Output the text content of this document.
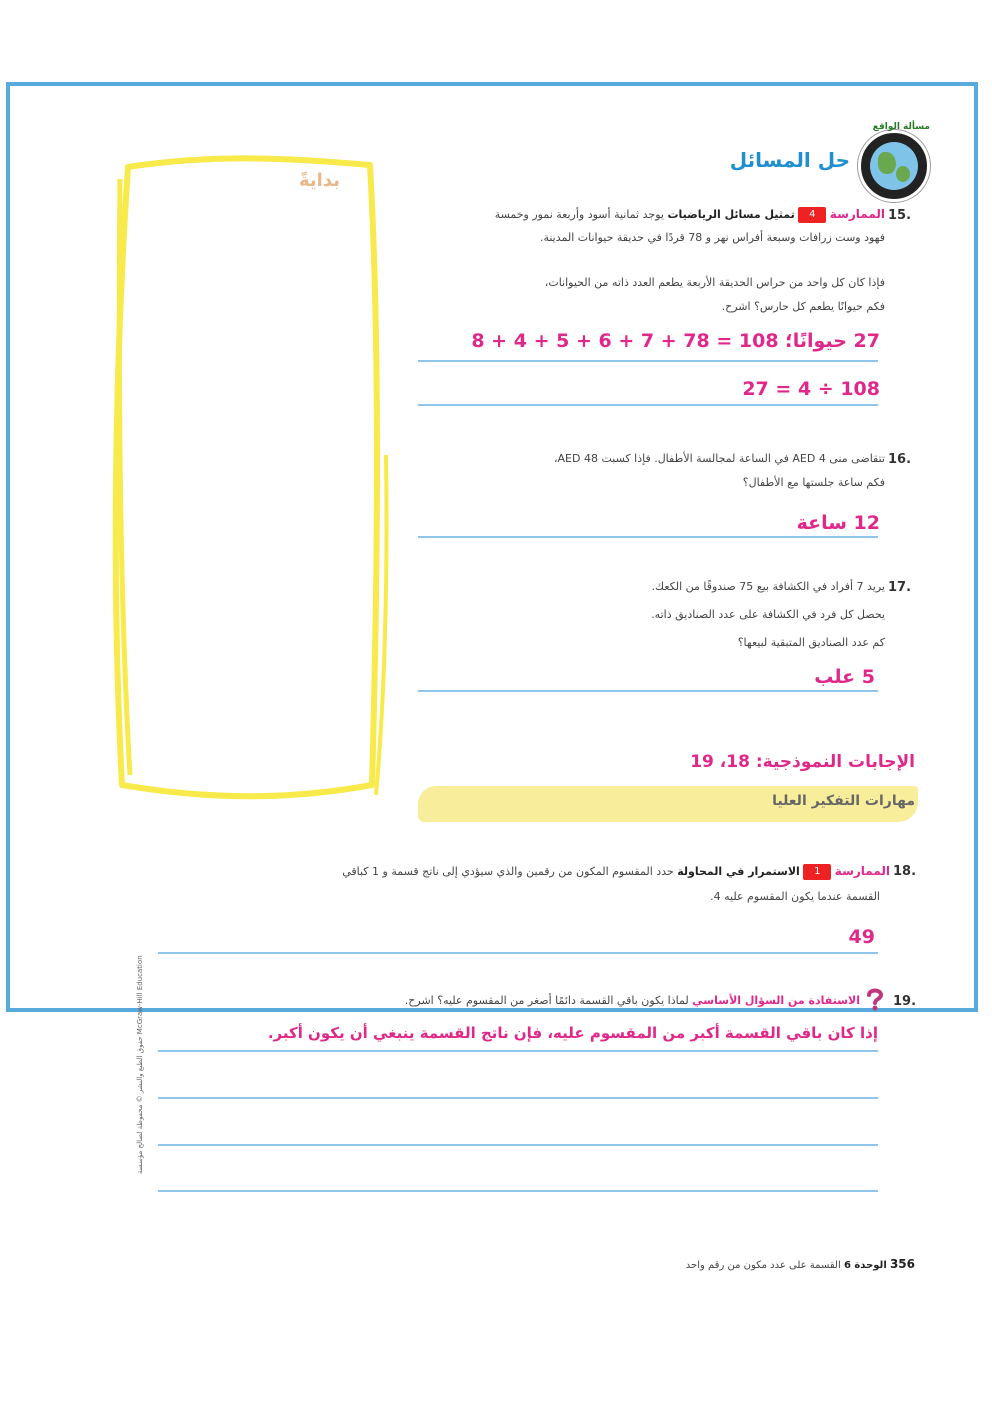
بدايةً
مسألة الواقع
حل المسائل
15.
الممارسة 4 تمثيل مسائل الرياضيات يوجد ثمانية أسود وأربعة نمور وخمسة
فهود وست زرافات وسبعة أفراس نهر و 78 قردًا في حديقة حيوانات المدينة.
فإذا كان كل واحد من حراس الحديقة الأربعة يطعم العدد ذاته من الحيوانات،
فكم حيوانًا يطعم كل حارس؟ اشرح.
27 حيوانًا؛ 108 = 78 + 7 + 6 + 5 + 4 + 8
108 ÷ 4 = 27
16.
تتقاضى منى 4 AED في الساعة لمجالسة الأطفال. فإذا كسبت 48 AED،
فكم ساعة جلستها مع الأطفال؟
12 ساعة
17.
يريد 7 أفراد في الكشافة بيع 75 صندوقًا من الكعك.
يحصل كل فرد في الكشافة على عدد الصناديق ذاته.
كم عدد الصناديق المتبقية لبيعها؟
5 علب
الإجابات النموذجية: 18، 19
مهارات التفكير العليا
18.
الممارسة 1 الاستمرار في المحاولة حدد المقسوم المكون من رقمين والذي سيؤدي إلى ناتج قسمة و 1 كباقي
القسمة عندما يكون المقسوم عليه 4.
49
19.
الاستفادة من السؤال الأساسي لماذا يكون باقي القسمة دائمًا أصغر من المقسوم عليه؟ اشرح.
إذا كان باقي القسمة أكبر من المقسوم عليه، فإن ناتج القسمة ينبغي أن يكون أكبر.
حقوق الطبع والنشر © محفوظة لصالح مؤسسة McGraw-Hill Education
356 الوحدة 6 القسمة على عدد مكون من رقم واحد
